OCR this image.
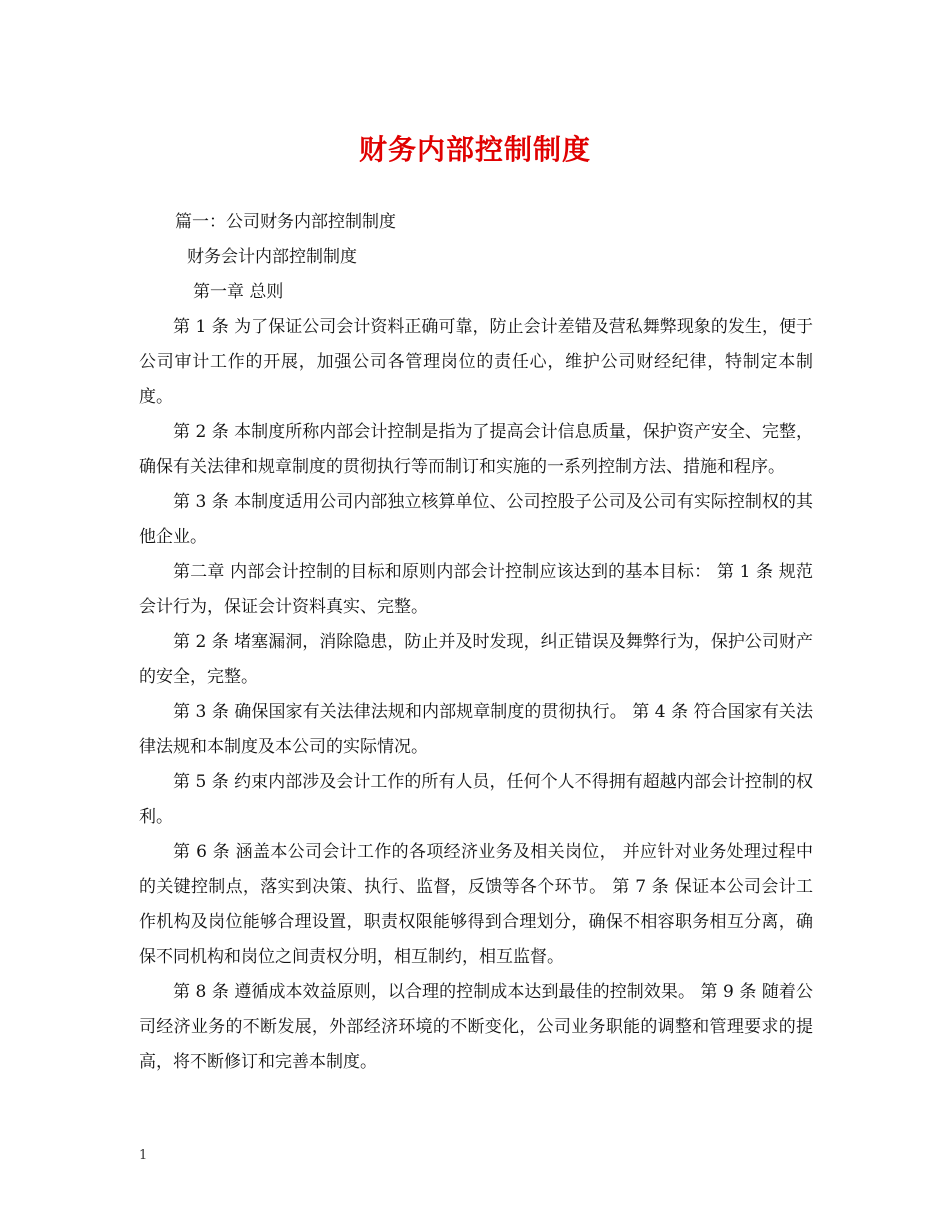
财务内部控制制度

篇一：公司财务内部控制制度

财务会计内部控制制度

第一章 总则

第 1 条 为了保证公司会计资料正确可靠，防止会计差错及营私舞弊现象的发生，便于公司审计工作的开展，加强公司各管理岗位的责任心，维护公司财经纪律，特制定本制度。

第 2 条 本制度所称内部会计控制是指为了提高会计信息质量，保护资产安全、完整，确保有关法律和规章制度的贯彻执行等而制订和实施的一系列控制方法、措施和程序。

第 3 条 本制度适用公司内部独立核算单位、公司控股子公司及公司有实际控制权的其他企业。

第二章 内部会计控制的目标和原则内部会计控制应该达到的基本目标： 第 1 条 规范会计行为，保证会计资料真实、完整。

第 2 条 堵塞漏洞，消除隐患，防止并及时发现，纠正错误及舞弊行为，保护公司财产的安全，完整。

第 3 条 确保国家有关法律法规和内部规章制度的贯彻执行。 第 4 条 符合国家有关法律法规和本制度及本公司的实际情况。

第 5 条 约束内部涉及会计工作的所有人员，任何个人不得拥有超越内部会计控制的权利。

第 6 条 涵盖本公司会计工作的各项经济业务及相关岗位， 并应针对业务处理过程中的关键控制点，落实到决策、执行、监督，反馈等各个环节。 第 7 条 保证本公司会计工作机构及岗位能够合理设置，职责权限能够得到合理划分，确保不相容职务相互分离，确保不同机构和岗位之间责权分明，相互制约，相互监督。

第 8 条 遵循成本效益原则，以合理的控制成本达到最佳的控制效果。 第 9 条 随着公司经济业务的不断发展，外部经济环境的不断变化，公司业务职能的调整和管理要求的提高，将不断修订和完善本制度。

1
